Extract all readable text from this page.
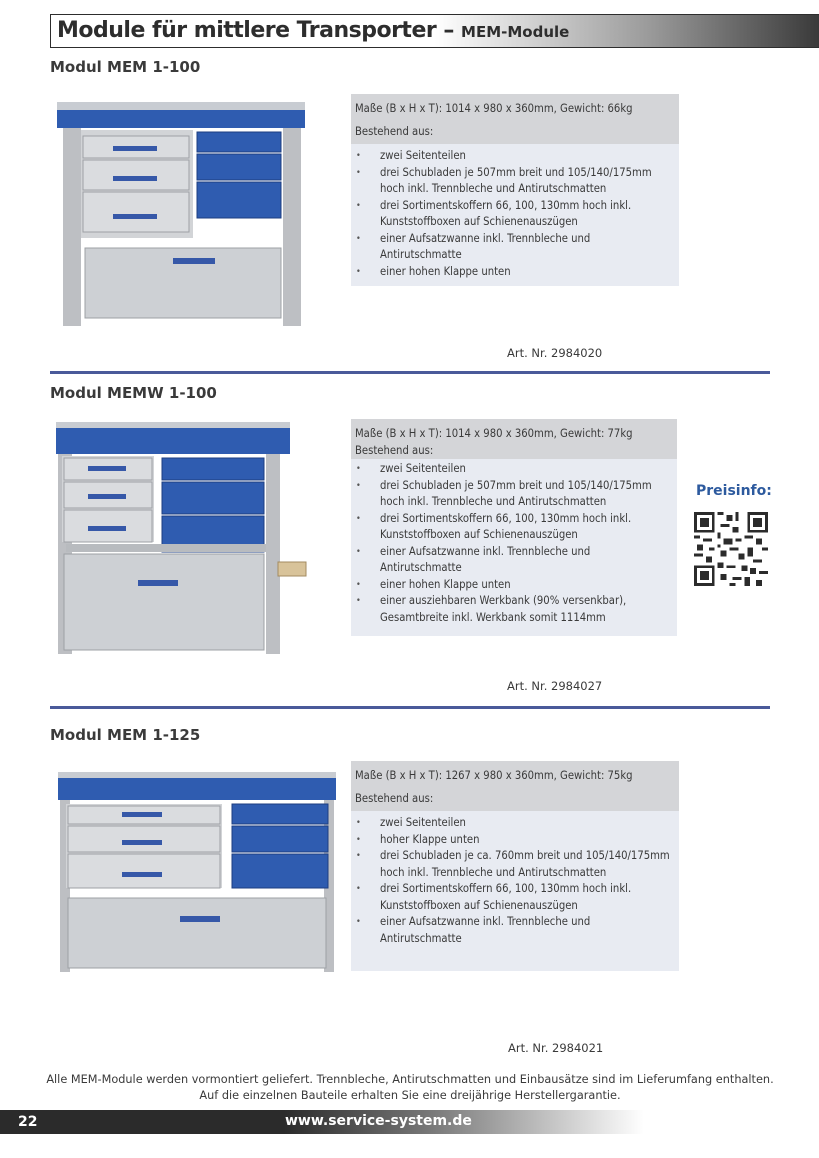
Module für mittlere Transporter – MEM-Module
Modul MEM 1-100
Maße (B x H x T): 1014 x 980 x 360mm, Gewicht: 66kg
Bestehend aus:
• zwei Seitenteilen
• drei Schubladen je 507mm breit und 105/140/175mm hoch inkl. Trennbleche und Antirutschmatten
• drei Sortimentskoffern 66, 100, 130mm hoch inkl. Kunststoffboxen auf Schienenauszügen
• einer Aufsatzwanne inkl. Trennbleche und Antirutschmatte
• einer hohen Klappe unten
Art. Nr. 2984020
Modul MEMW 1-100
Maße (B x H x T): 1014 x 980 x 360mm, Gewicht: 77kg
Bestehend aus:
• zwei Seitenteilen
• drei Schubladen je 507mm breit und 105/140/175mm hoch inkl. Trennbleche und Antirutschmatten
• drei Sortimentskoffern 66, 100, 130mm hoch inkl. Kunststoffboxen auf Schienenauszügen
• einer Aufsatzwanne inkl. Trennbleche und Antirutschmatte
• einer hohen Klappe unten
• einer ausziehbaren Werkbank (90% versenkbar), Gesamtbreite inkl. Werkbank somit 1114mm
Preisinfo:
Art. Nr. 2984027
Modul MEM 1-125
Maße (B x H x T): 1267 x 980 x 360mm, Gewicht: 75kg
Bestehend aus:
• zwei Seitenteilen
• hoher Klappe unten
• drei Schubladen je ca. 760mm breit und 105/140/175mm hoch inkl. Trennbleche und Antirutschmatten
• drei Sortimentskoffern 66, 100, 130mm hoch inkl. Kunststoffboxen auf Schienenauszügen
• einer Aufsatzwanne inkl. Trennbleche und Antirutschmatte
Art. Nr. 2984021
Alle MEM-Module werden vormontiert geliefert. Trennbleche, Antirutschmatten und Einbausätze sind im Lieferumfang enthalten. Auf die einzelnen Bauteile erhalten Sie eine dreijährige Herstellergarantie.
22	www.service-system.de
